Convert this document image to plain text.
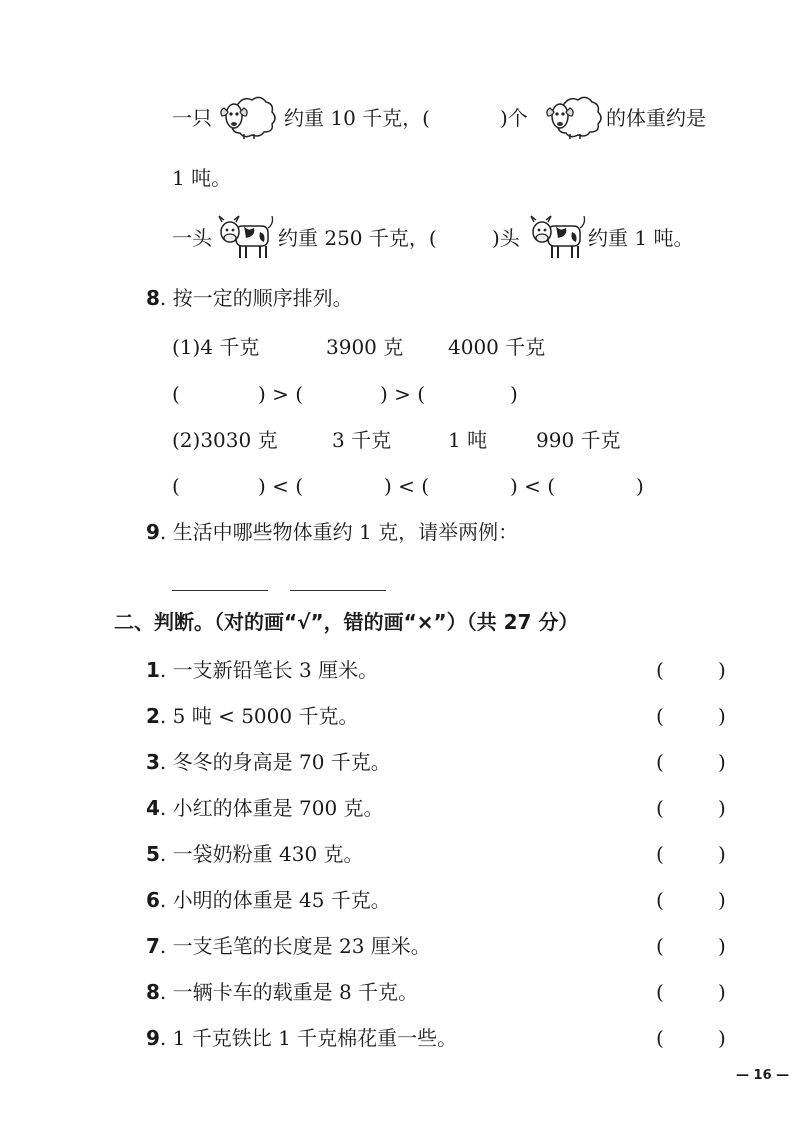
一只	约重 10 千克，(	)个	的体重约是
1 吨。
一头	约重 250 千克，(	)头	约重 1 吨。
8. 按一定的顺序排列。
(1)4 千克	3900 克 4000 千克
(	) > (	) > (	)
(2)3030 克	3 千克	1 吨 990 千克
(	) < (	) < (	) < (	)
9. 生活中哪些物体重约 1 克，请举两例：
二、判断。（对的画“√”，错的画“×”）（共 27 分）
1. 一支新铅笔长 3 厘米。	(	)
2. 5 吨 < 5000 千克。	(	)
3. 冬冬的身高是 70 千克。	(	)
4. 小红的体重是 700 克。	(	)
5. 一袋奶粉重 430 克。	(	)
6. 小明的体重是 45 千克。	(	)
7. 一支毛笔的长度是 23 厘米。	(	)
8. 一辆卡车的载重是 8 千克。	(	)
9. 1 千克铁比 1 千克棉花重一些。	(	)
— 16 —
